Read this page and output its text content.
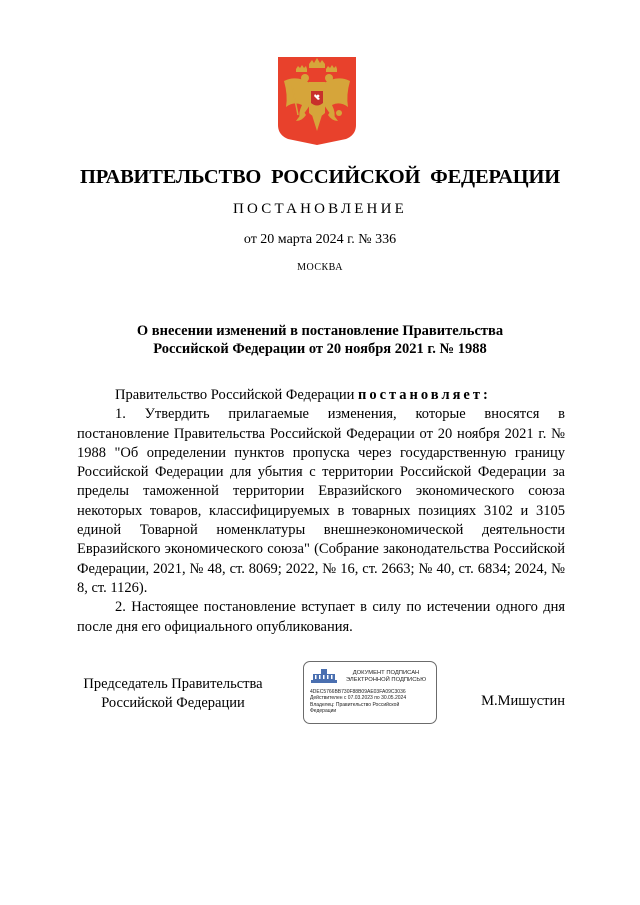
ПРАВИТЕЛЬСТВО РОССИЙСКОЙ ФЕДЕРАЦИИ
ПОСТАНОВЛЕНИЕ
от 20 марта 2024 г. № 336
МОСКВА
О внесении изменений в постановление Правительства
Российской Федерации от 20 ноября 2021 г. № 1988

Правительство Российской Федерации постановляет:

1. Утвердить прилагаемые изменения, которые вносятся в постановление Правительства Российской Федерации от 20 ноября 2021 г. № 1988 "Об определении пунктов пропуска через государственную границу Российской Федерации для убытия с территории Российской Федерации за пределы таможенной территории Евразийского экономического союза некоторых товаров, классифицируемых в товарных позициях 3102 и 3105 единой Товарной номенклатуры внешнеэкономической деятельности Евразийского экономического союза" (Собрание законодательства Российской Федерации, 2021, № 48, ст. 8069; 2022, № 16, ст. 2663; № 40, ст. 6834; 2024, № 8, ст. 1126).

2. Настоящее постановление вступает в силу по истечении одного дня после дня его официального опубликования.

Председатель Правительства
Российской Федерации
ДОКУМЕНТ ПОДПИСАН
ЭЛЕКТРОННОЙ ПОДПИСЬЮ
4DEC5766BB730F88B09AE03FA09C3036
Действителен с 07.03.2023 по 30.05.2024
Владелец: Правительство Российской
Федерации
М.Мишустин
